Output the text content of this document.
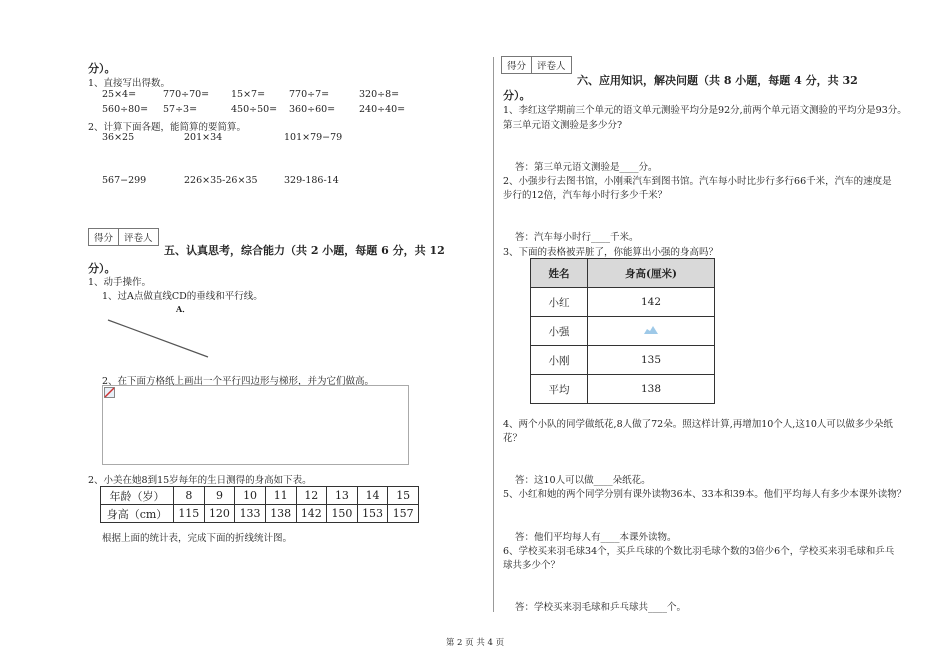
分）。
1、直接写出得数。
25×4=	770÷70= 15×7=	770÷7=	320÷8=
560÷80= 57÷3=	450÷50= 360÷60=	240÷40=
2、计算下面各题，能简算的要简算。
36×25	201×34	101×79−79
567−299	226×35-26×35	329-186-14
得分	评卷人
五、认真思考，综合能力（共 2 小题，每题 6 分，共 12
分）。
1、动手操作。
1、过A点做直线CD的垂线和平行线。
A．
2、在下面方格纸上画出一个平行四边形与梯形，并为它们做高。
2、小美在她8到15岁每年的生日测得的身高如下表。
年龄（岁）	8	9	10	11	12	13	14	15
身高（cm）	115	120	133	138	142	150	153	157
根据上面的统计表，完成下面的折线统计图。
得分	评卷人
六、应用知识，解决问题（共 8 小题，每题 4 分，共 32
分）。
1、李红这学期前三个单元的语文单元测验平均分是92分,前两个单元语文测验的平均分是93分。
第三单元语文测验是多少分?
答：第三单元语文测验是____分。
2、小强步行去图书馆，小刚乘汽车到图书馆。汽车每小时比步行多行66千米，汽车的速度是
步行的12倍，汽车每小时行多少千米？
答：汽车每小时行____千米。
3、下面的表格被弄脏了，你能算出小强的身高吗？
姓名	身高(厘米)
小红	142
小强	
小刚	135
平均	138
4、两个小队的同学做纸花,8人做了72朵。照这样计算,再增加10个人,这10人可以做多少朵纸
花？
答：这10人可以做____朵纸花。
5、小红和她的两个同学分别有课外读物36本、33本和39本。他们平均每人有多少本课外读物？
答：他们平均每人有____本课外读物。
6、学校买来羽毛球34个，买乒乓球的个数比羽毛球个数的3倍少6个，学校买来羽毛球和乒乓
球共多少个？
答：学校买来羽毛球和乒乓球共____个。
第 2 页 共 4 页
